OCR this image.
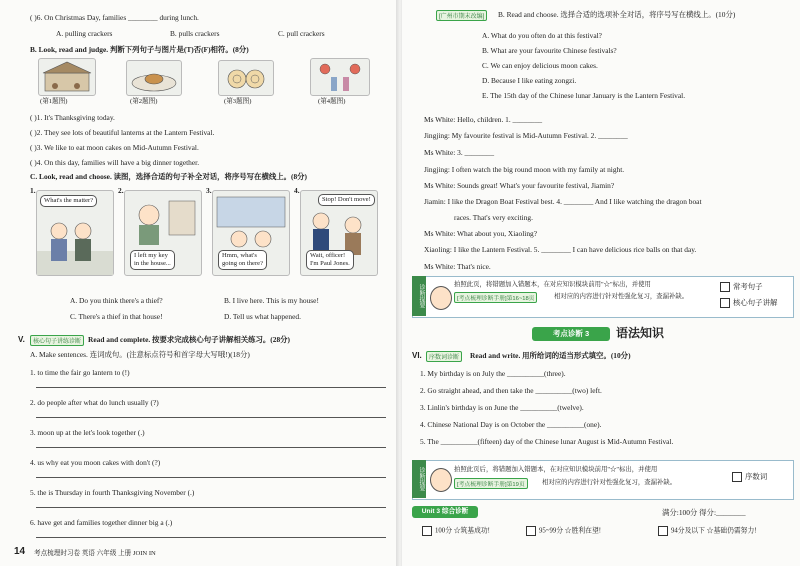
( )6. On Christmas Day, families ________ during lunch.
A. pulling crackers	B. pulls crackers	C. pull crackers
B. Look, read and judge. 判断下列句子与图片是(T)否(F)相符。(8分)
(第1题图)	(第2题图)	(第3题图)	(第4题图)
( )1. It's Thanksgiving today.
( )2. They see lots of beautiful lanterns at the Lantern Festival.
( )3. We like to eat moon cakes on Mid-Autumn Festival.
( )4. On this day, families will have a big dinner together.
C. Look, read and choose. 读图，选择合适的句子补全对话，将序号写在横线上。(8分)
1.
What's the matter?
2.
I left my key
in the house...
3.
Hmm, what's
going on there?
4.
Stop! Don't move!
Wait, officer!
I'm Paul Jones.
A. Do you think there's a thief?	B. I live here. This is my house!
C. There's a thief in that house!	D. Tell us what happened.
V.	核心句子讲练诊断 Read and complete. 按要求完成核心句子讲解相关练习。(28分)
A. Make sentences. 连词成句。(注意标点符号和首字母大写哦!)(18分)
1. to time the fair go lantern to (!)
2. do people after what do lunch usually (?)
3. moon up at the let's look together (.)
4. us why eat you moon cakes with don't (?)
5. the is Thursday in fourth Thanksgiving November (.)
6. have get and families together dinner big a (.)
14 考点梳理时习卷 英语 六年级 上册 JOIN IN
[广州市期末改编]	B. Read and choose. 选择合适的选项补全对话，将序号写在横线上。(10分)
A. What do you often do at this festival?
B. What are your favourite Chinese festivals?
C. We can enjoy delicious moon cakes.
D. Because I like eating zongzi.
E. The 15th day of the Chinese lunar January is the Lantern Festival.
Ms White: Hello, children. 1. ________
Jingjing: My favourite festival is Mid-Autumn Festival. 2. ________
Ms White: 3. ________
Jingjing: I often watch the big round moon with my family at night.
Ms White: Sounds great! What's your favourite festival, Jiamin?
Jiamin: I like the Dragon Boat Festival best. 4. ________ And I like watching the dragon boat
races. That's very exciting.
Ms White: What about you, Xiaoling?
Xiaoling: I like the Lantern Festival. 5. ________ I can have delicious rice balls on that day.
Ms White: That's nice.
诊断提要	拍照此页，将错题加入错题本，在对应知识模块前用"☆"标出，并使用
[考点梳理诊断手册]第16~18页	相对应的内容进行针对性强化复习，查漏补缺。
常考句子
核心句子讲解
考点诊断 3	语法知识
VI.	序数词诊断	Read and write. 用所给词的适当形式填空。(10分)
1. My birthday is on July the __________(three).
2. Go straight ahead, and then take the __________(two) left.
3. Linlin's birthday is on June the __________(twelve).
4. Chinese National Day is on October the __________(one).
5. The __________(fifteen) day of the Chinese lunar August is Mid-Autumn Festival.
诊断提要	拍照此页后，将错题加入错题本，在对应知识模块前用"☆"标出，并使用
[考点梳理诊断手册]第19页	相对应的内容进行针对性强化复习，查漏补缺。
序数词
Unit 3 综合诊断	满分:100分 得分:________
100分 ☆筑基成功!	95~99分 ☆胜利在望!	94分及以下 ☆基础仍需努力!
